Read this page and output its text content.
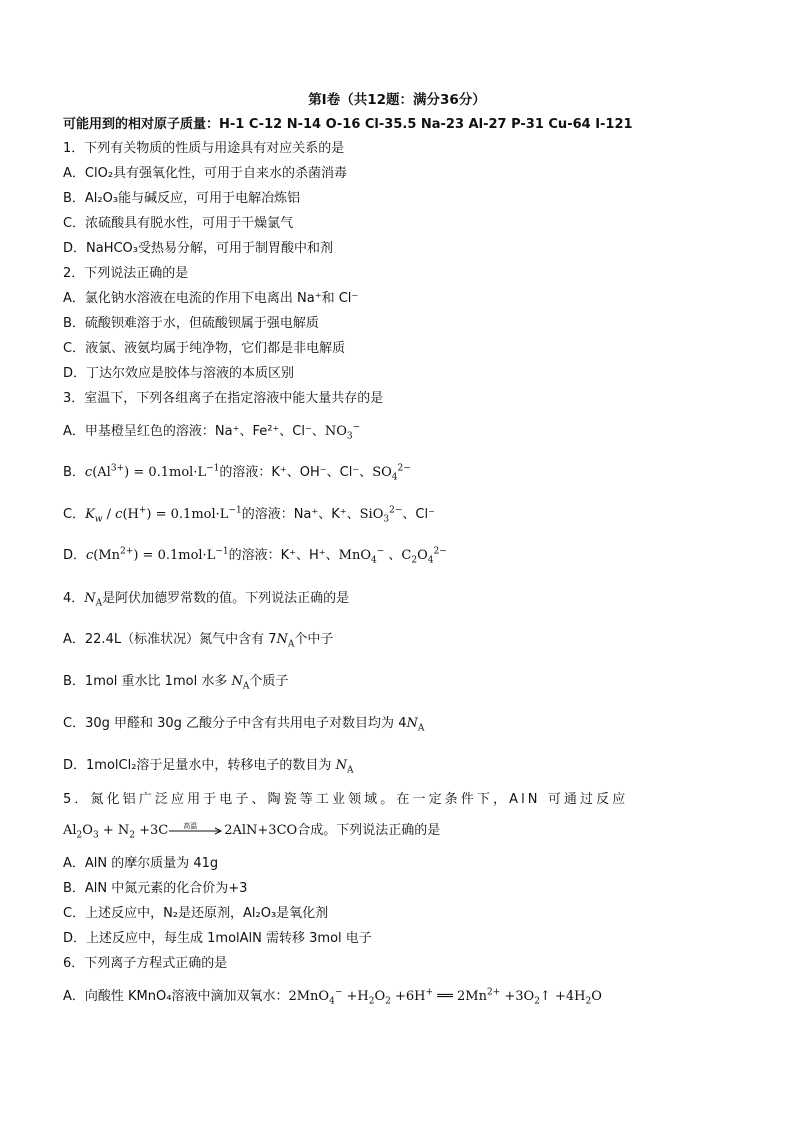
第Ⅰ卷（共12题：满分36分）
可能用到的相对原子质量：H-1 C-12 N-14 O-16 Cl-35.5 Na-23 Al-27 P-31 Cu-64 I-121
1．下列有关物质的性质与用途具有对应关系的是
A．ClO₂具有强氧化性，可用于自来水的杀菌消毒
B．Al₂O₃能与碱反应，可用于电解冶炼铝
C．浓硫酸具有脱水性，可用于干燥氯气
D．NaHCO₃受热易分解，可用于制胃酸中和剂
2．下列说法正确的是
A．氯化钠水溶液在电流的作用下电离出 Na⁺和 Cl⁻
B．硫酸钡难溶于水，但硫酸钡属于强电解质
C．液氯、液氨均属于纯净物，它们都是非电解质
D．丁达尔效应是胶体与溶液的本质区别
3．室温下，下列各组离子在指定溶液中能大量共存的是
A．甲基橙呈红色的溶液：Na⁺、Fe²⁺、Cl⁻、$NO_3^-$
B．$c(Al^{3+}) = 0.1mol\cdot L^{-1}$的溶液：K⁺、OH⁻、Cl⁻、$SO_4^{2-}$
C．$K_w / c(H^+) = 0.1mol\cdot L^{-1}$的溶液：Na⁺、K⁺、SiO$_3^{2-}$、Cl⁻
D．$c(Mn^{2+}) = 0.1mol\cdot L^{-1}$的溶液：K⁺、H⁺、MnO$_4$− 、$C_2O_4^{2-}$
4．$N_A$是阿伏加德罗常数的值。下列说法正确的是
A．22.4L（标准状况）氮气中含有 $7N_A$个中子
B．1mol 重水比 1mol 水多 $N_A$个质子
C．30g 甲醛和 30g 乙酸分子中含有共用电子对数目均为 $4N_A$
D．1molCl₂溶于足量水中，转移电子的数目为 $N_A$
5．氮化铝广泛应用于电子、陶瓷等工业领域。在一定条件下，AlN 可通过反应
$Al_2O_3 + N_2 +3C$ 高温 2AlN+3CO合成。下列说法正确的是
A．AlN 的摩尔质量为 41g
B．AlN 中氮元素的化合价为+3
C．上述反应中，N₂是还原剂，Al₂O₃是氧化剂
D．上述反应中，每生成 1molAlN 需转移 3mol 电子
6．下列离子方程式正确的是
A．向酸性 KMnO₄溶液中滴加双氧水：$2MnO_4^- +H_2O_2 +6H^+$ ══ $2Mn^{2+}$ $+3O_2↑ +4H_2O$
